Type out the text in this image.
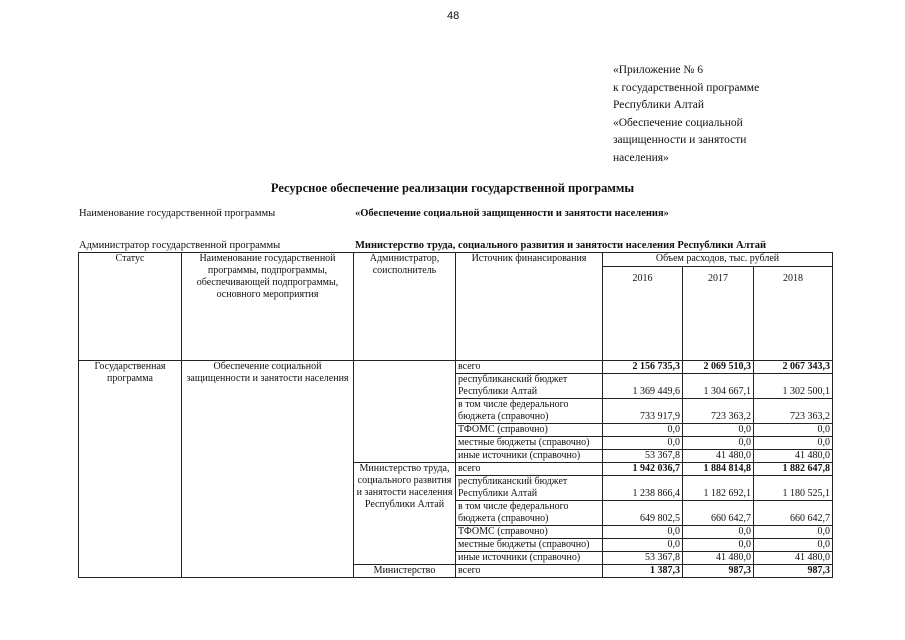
48
«Приложение № 6
к государственной программе
Республики Алтай
«Обеспечение социальной
защищенности и занятости
населения»
Ресурсное обеспечение реализации государственной программы
Наименование государственной программы	«Обеспечение социальной защищенности и занятости населения»
Администратор государственной программы	Министерство труда, социального развития и занятости населения Республики Алтай
Статус	Наименование государственной программы, подпрограммы, обеспечивающей подпрограммы, основного мероприятия	Администратор, соисполнитель	Источник финансирования	Объем расходов, тыс. рублей		
				2016	2017	2018
Государственная программа	Обеспечение социальной защищенности и занятости населения		всего	2 156 735,3	2 069 510,3	2 067 343,3
			республиканский бюджет Республики Алтай	1 369 449,6	1 304 667,1	1 302 500,1
			в том числе федерального бюджета (справочно)	733 917,9	723 363,2	723 363,2
			ТФОМС (справочно)	0,0	0,0	0,0
			местные бюджеты (справочно)	0,0	0,0	0,0
			иные источники (справочно)	53 367,8	41 480,0	41 480,0
		Министерство труда, социального развития и занятости населения Республики Алтай	всего	1 942 036,7	1 884 814,8	1 882 647,8
			республиканский бюджет Республики Алтай	1 238 866,4	1 182 692,1	1 180 525,1
			в том числе федерального бюджета (справочно)	649 802,5	660 642,7	660 642,7
			ТФОМС (справочно)	0,0	0,0	0,0
			местные бюджеты (справочно)	0,0	0,0	0,0
			иные источники (справочно)	53 367,8	41 480,0	41 480,0
		Министерство	всего	1 387,3	987,3	987,3
